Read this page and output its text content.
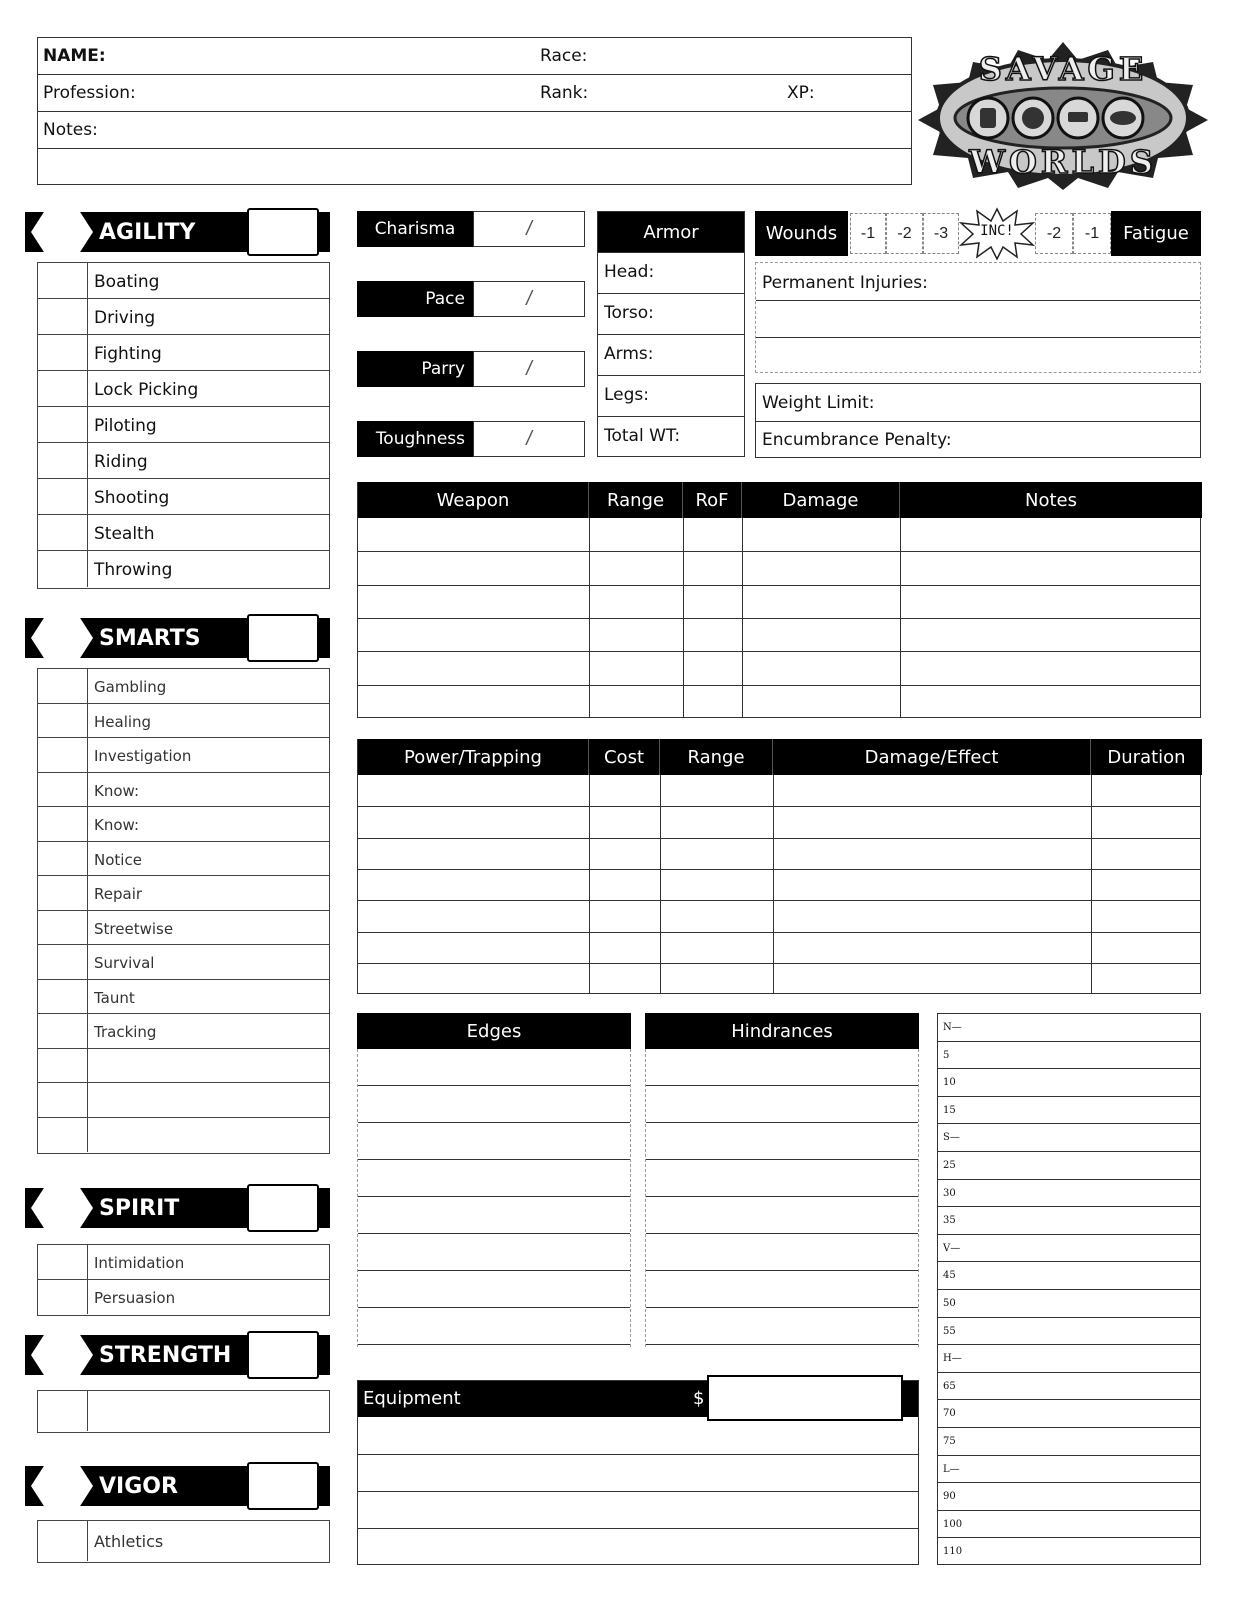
NAME:	Race:
Profession:	Rank:	XP:
Notes:
SAVAGE
WORLDS
AGILITY
Boating
Driving
Fighting
Lock Picking
Piloting
Riding
Shooting
Stealth
Throwing
SMARTS
Gambling
Healing
Investigation
Know:
Know:
Notice
Repair
Streetwise
Survival
Taunt
Tracking
SPIRIT
Intimidation
Persuasion
STRENGTH
VIGOR
Athletics
Charisma	/
Pace	/
Parry	/
Toughness	/
Armor
Head:
Torso:
Arms:
Legs:
Total WT:
Wounds	-1	-2	-3	INC!	-2	-1	Fatigue
Permanent Injuries:
Weight Limit:
Encumbrance Penalty:
Weapon	Range	RoF	Damage	Notes
Power/Trapping	Cost	Range	Damage/Effect	Duration
Edges	Hindrances
Equipment	$
N—
5
10
15
S—
25
30
35
V—
45
50
55
H—
65
70
75
L—
90
100
110
